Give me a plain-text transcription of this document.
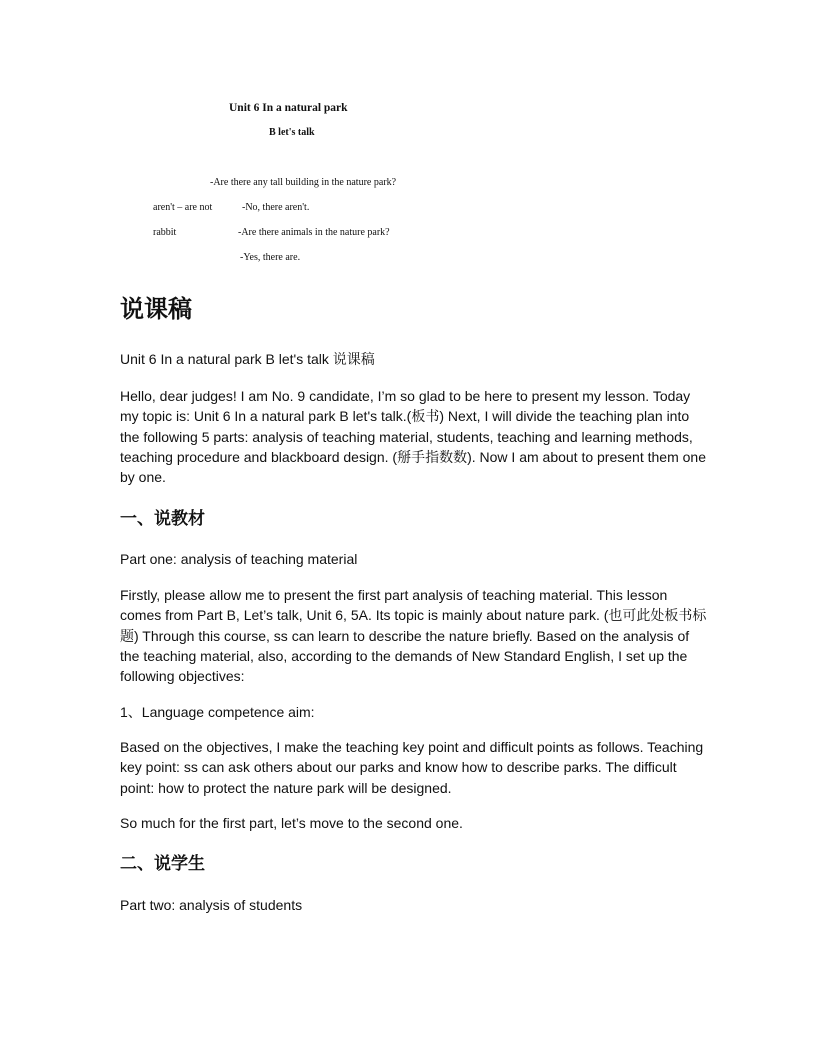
Unit 6 In a natural park
B let's talk
-Are there any tall building in the nature park?
aren't – are not	-No, there aren't.
rabbit	-Are there animals in the nature park?
-Yes, there are.
说课稿

Unit 6 In a natural park B let's talk 说课稿

Hello, dear judges! I am No. 9 candidate, I’m so glad to be here to present my lesson. Today my topic is: Unit 6 In a natural park B let's talk.(板书) Next, I will divide the teaching plan into the following 5 parts: analysis of teaching material, students, teaching and learning methods, teaching procedure and blackboard design. (掰手指数数). Now I am about to present them one by one.

一、说教材

Part one: analysis of teaching material

Firstly, please allow me to present the first part analysis of teaching material. This lesson comes from Part B, Let’s talk, Unit 6, 5A. Its topic is mainly about nature park. (也可此处板书标题) Through this course, ss can learn to describe the nature briefly. Based on the analysis of the teaching material, also, according to the demands of New Standard English, I set up the following objectives:

1、Language competence aim:

Based on the objectives, I make the teaching key point and difficult points as follows. Teaching key point: ss can ask others about our parks and know how to describe parks. The difficult point: how to protect the nature park will be designed.

So much for the first part, let’s move to the second one.

二、说学生

Part two: analysis of students
